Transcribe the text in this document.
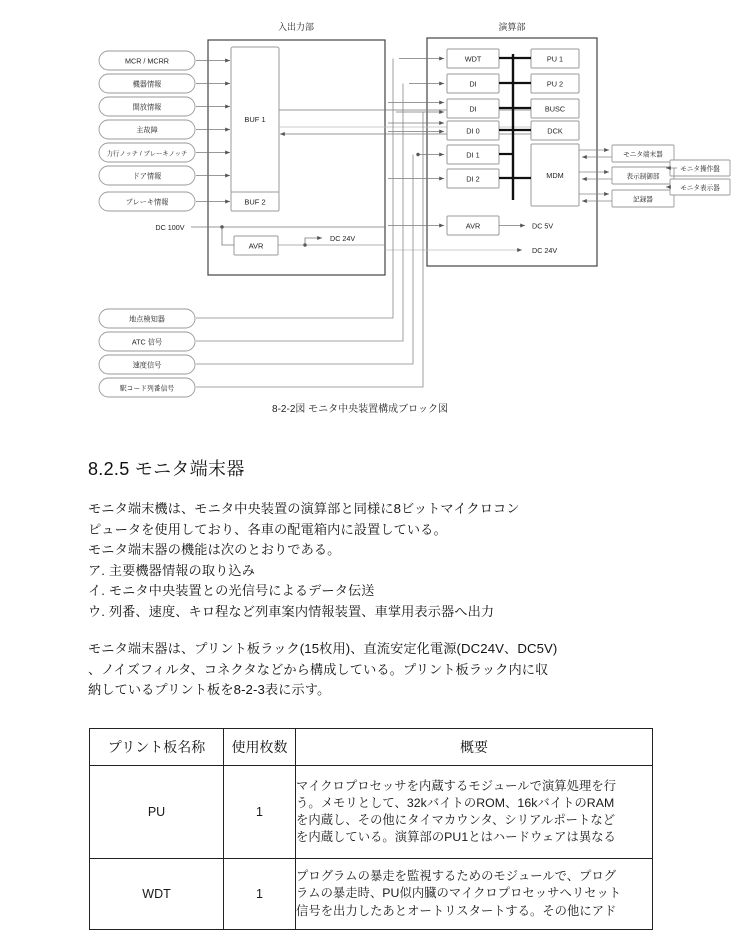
入出力部	演算部
MCR / MCRR
機器情報
開放情報
主故障
力行ノッチ / ブレーキノッチ
ドア情報
ブレーキ情報
地点検知器
ATC 信号
速度信号
駅コード列番信号
BUF 1
BUF 2
AVR
DC 100V
DC 24V
WDT
DI
DI
DI 0
DI 1
DI 2
PU 1
PU 2
BUSC
DCK
MDM
AVR	DC 5V
DC 24V
モニタ端末器
表示制御部
記録器
モニタ操作盤
モニタ表示器
8-2-2図 モニタ中央装置構成ブロック図
8.2.5 モニタ端末器

モニタ端末機は、モニタ中央装置の演算部と同様に8ビットマイクロコン
ピュータを使用しており、各車の配電箱内に設置している。
モニタ端末器の機能は次のとおりである。
ア. 主要機器情報の取り込み
イ. モニタ中央装置との光信号によるデータ伝送
ウ. 列番、速度、キロ程など列車案内情報装置、車掌用表示器へ出力

モニタ端末器は、プリント板ラック(15枚用)、直流安定化電源(DC24V、DC5V)
、ノイズフィルタ、コネクタなどから構成している。プリント板ラック内に収
納しているプリント板を8-2-3表に示す。

プリント板名称	使用枚数	概要
PU	1	マイクロプロセッサを内蔵するモジュールで演算処理を行
う。メモリとして、32kバイトのROM、16kバイトのRAM
を内蔵し、その他にタイマカウンタ、シリアルポートなど
を内蔵している。演算部のPU1とはハードウェアは異なる

WDT	1	プログラムの暴走を監視するためのモジュールで、プログ
ラムの暴走時、PU似内臓のマイクロプロセッサへリセット
信号を出力したあとオートリスタートする。その他にアド
